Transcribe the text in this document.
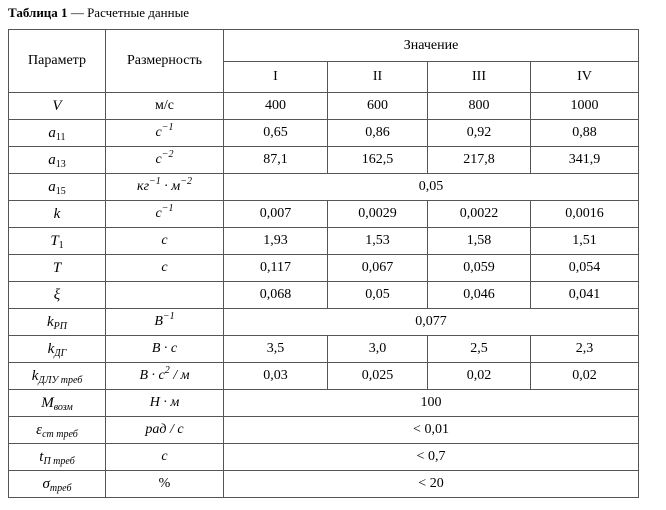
Таблица 1 — Расчетные данные
Параметр	Размерность	Значение			
		I	II	III	IV
V	м/с	400	600	800	1000
$a_{11}$	$с^{-1}$	0,65	0,86	0,92	0,88
$a_{13}$	$с^{-2}$	87,1	162,5	217,8	341,9
$a_{15}$	$кг^{-1} \cdot м^{-2}$	0,05			
k	$с^{-1}$	0,007	0,0029	0,0022	0,0016
$T_1$	с	1,93	1,53	1,58	1,51
T	с	0,117	0,067	0,059	0,054
ξ		0,068	0,05	0,046	0,041
$k_{РП}$	$В^{-1}$	0,077			
$k_{ДГ}$	В · с	3,5	3,0	2,5	2,3
$k_{ДЛУ треб}$	$В \cdot с^2 / м$	0,03	0,025	0,02	0,02
$M_{возм}$	Н · м	100			
$\varepsilon_{ст треб}$	рад / с	< 0,01			
$t_{П треб}$	с	< 0,7			
$\sigma_{треб}$	%	< 20			
